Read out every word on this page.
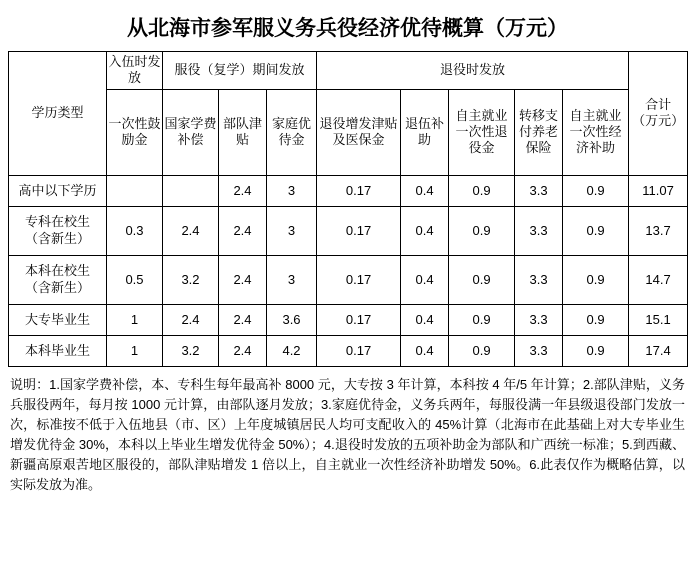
从北海市参军服义务兵役经济优待概算（万元）
学历类型	入伍时发放	服役（复学）期间发放			退役时发放					合计
（万元）

	一次性鼓励金	国家学费补偿	部队津贴	家庭优待金	退役增发津贴及医保金	退伍补助	自主就业一次性退役金	转移支付养老保险	自主就业一次性经济补助	
高中以下学历			2.4	3	0.17	0.4	0.9	3.3	0.9	11.07

专科在校生
（含新生）	0.3	2.4	2.4	3	0.17	0.4	0.9	3.3	0.9	13.7

本科在校生
（含新生）	0.5	3.2	2.4	3	0.17	0.4	0.9	3.3	0.9	14.7
大专毕业生	1	2.4	2.4	3.6	0.17	0.4	0.9	3.3	0.9	15.1
本科毕业生	1	3.2	2.4	4.2	0.17	0.4	0.9	3.3	0.9	17.4
说明：1.国家学费补偿，本、专科生每年最高补 8000 元，大专按 3 年计算，本科按 4 年/5 年计算；2.部队津贴，义务兵服役两年，每月按 1000 元计算，由部队逐月发放；3.家庭优待金，义务兵两年，每服役满一年县级退役部门发放一次，标准按不低于入伍地县（市、区）上年度城镇居民人均可支配收入的 45%计算（北海市在此基础上对大专毕业生增发优待金 30%，本科以上毕业生增发优待金 50%）；4.退役时发放的五项补助金为部队和广西统一标准；5.到西藏、新疆高原艰苦地区服役的，部队津贴增发 1 倍以上，自主就业一次性经济补助增发 50%。6.此表仅作为概略估算，以实际发放为准。
